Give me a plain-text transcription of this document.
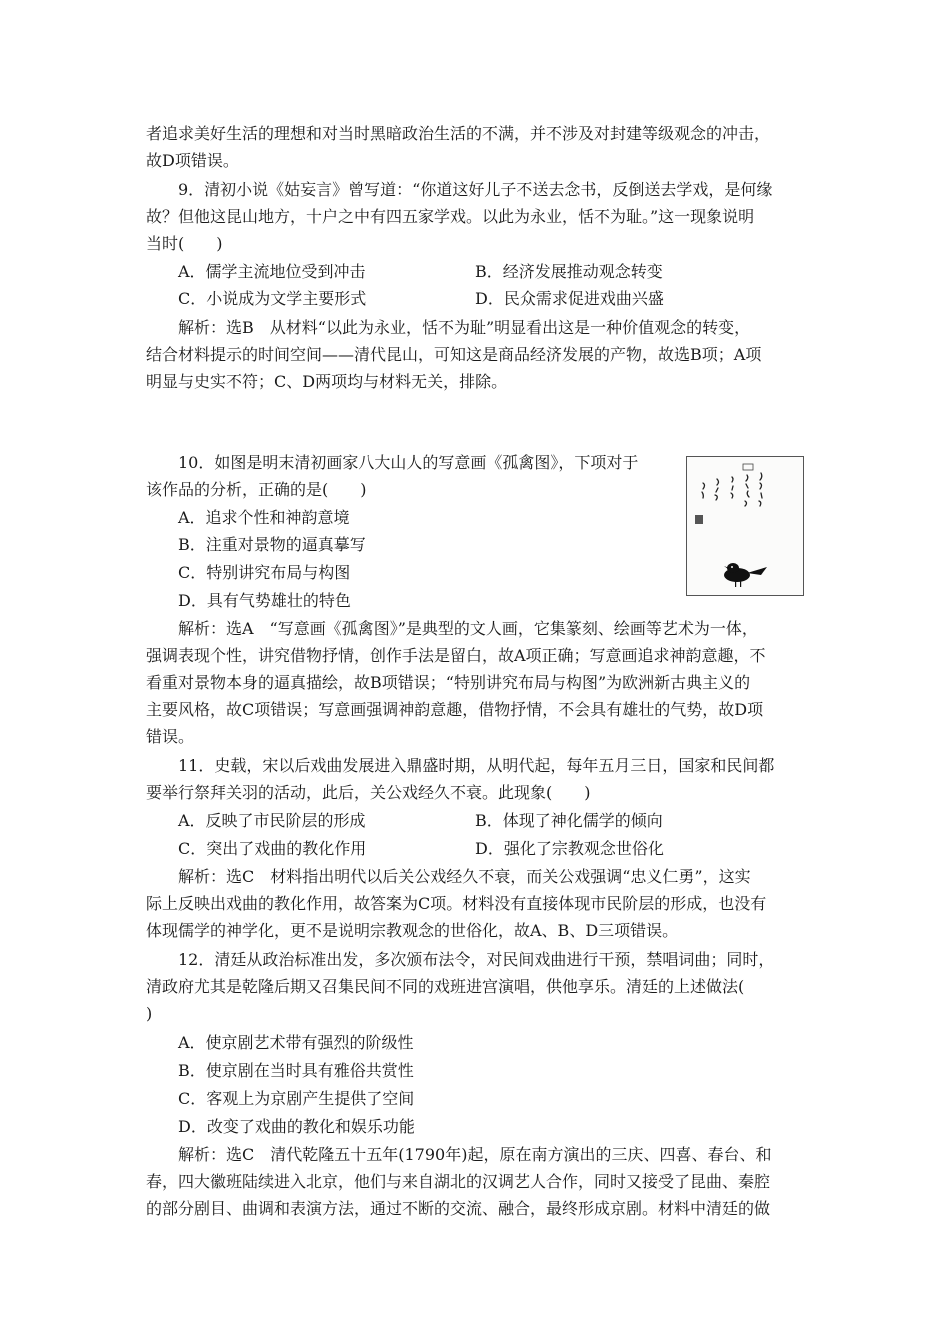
者追求美好生活的理想和对当时黑暗政治生活的不满，并不涉及对封建等级观念的冲击，
故D项错误。
9．清初小说《姑妄言》曾写道：“你道这好儿子不送去念书，反倒送去学戏，是何缘
故？但他这昆山地方，十户之中有四五家学戏。以此为永业，恬不为耻。”这一现象说明
当时(　　)
A．儒学主流地位受到冲击	B．经济发展推动观念转变
C．小说成为文学主要形式	D．民众需求促进戏曲兴盛
解析：选B　从材料“以此为永业，恬不为耻”明显看出这是一种价值观念的转变，
结合材料提示的时间空间——清代昆山，可知这是商品经济发展的产物，故选B项；A项
明显与史实不符；C、D两项均与材料无关，排除。
10．如图是明末清初画家八大山人的写意画《孤禽图》，下项对于
该作品的分析，正确的是(　　)
A．追求个性和神韵意境
B．注重对景物的逼真摹写
C．特别讲究布局与构图
D．具有气势雄壮的特色
解析：选A　“写意画《孤禽图》”是典型的文人画，它集篆刻、绘画等艺术为一体，
强调表现个性，讲究借物抒情，创作手法是留白，故A项正确；写意画追求神韵意趣，不
看重对景物本身的逼真描绘，故B项错误；“特别讲究布局与构图”为欧洲新古典主义的
主要风格，故C项错误；写意画强调神韵意趣，借物抒情，不会具有雄壮的气势，故D项
错误。
11．史载，宋以后戏曲发展进入鼎盛时期，从明代起，每年五月三日，国家和民间都
要举行祭拜关羽的活动，此后，关公戏经久不衰。此现象(　　)
A．反映了市民阶层的形成	B．体现了神化儒学的倾向
C．突出了戏曲的教化作用	D．强化了宗教观念世俗化
解析：选C　材料指出明代以后关公戏经久不衰，而关公戏强调“忠义仁勇”，这实
际上反映出戏曲的教化作用，故答案为C项。材料没有直接体现市民阶层的形成，也没有
体现儒学的神学化，更不是说明宗教观念的世俗化，故A、B、D三项错误。
12．清廷从政治标准出发，多次颁布法令，对民间戏曲进行干预，禁唱词曲；同时，
清政府尤其是乾隆后期又召集民间不同的戏班进宫演唱，供他享乐。清廷的上述做法(
)
A．使京剧艺术带有强烈的阶级性
B．使京剧在当时具有雅俗共赏性
C．客观上为京剧产生提供了空间
D．改变了戏曲的教化和娱乐功能
解析：选C　清代乾隆五十五年(1790年)起，原在南方演出的三庆、四喜、春台、和
春，四大徽班陆续进入北京，他们与来自湖北的汉调艺人合作，同时又接受了昆曲、秦腔
的部分剧目、曲调和表演方法，通过不断的交流、融合，最终形成京剧。材料中清廷的做
